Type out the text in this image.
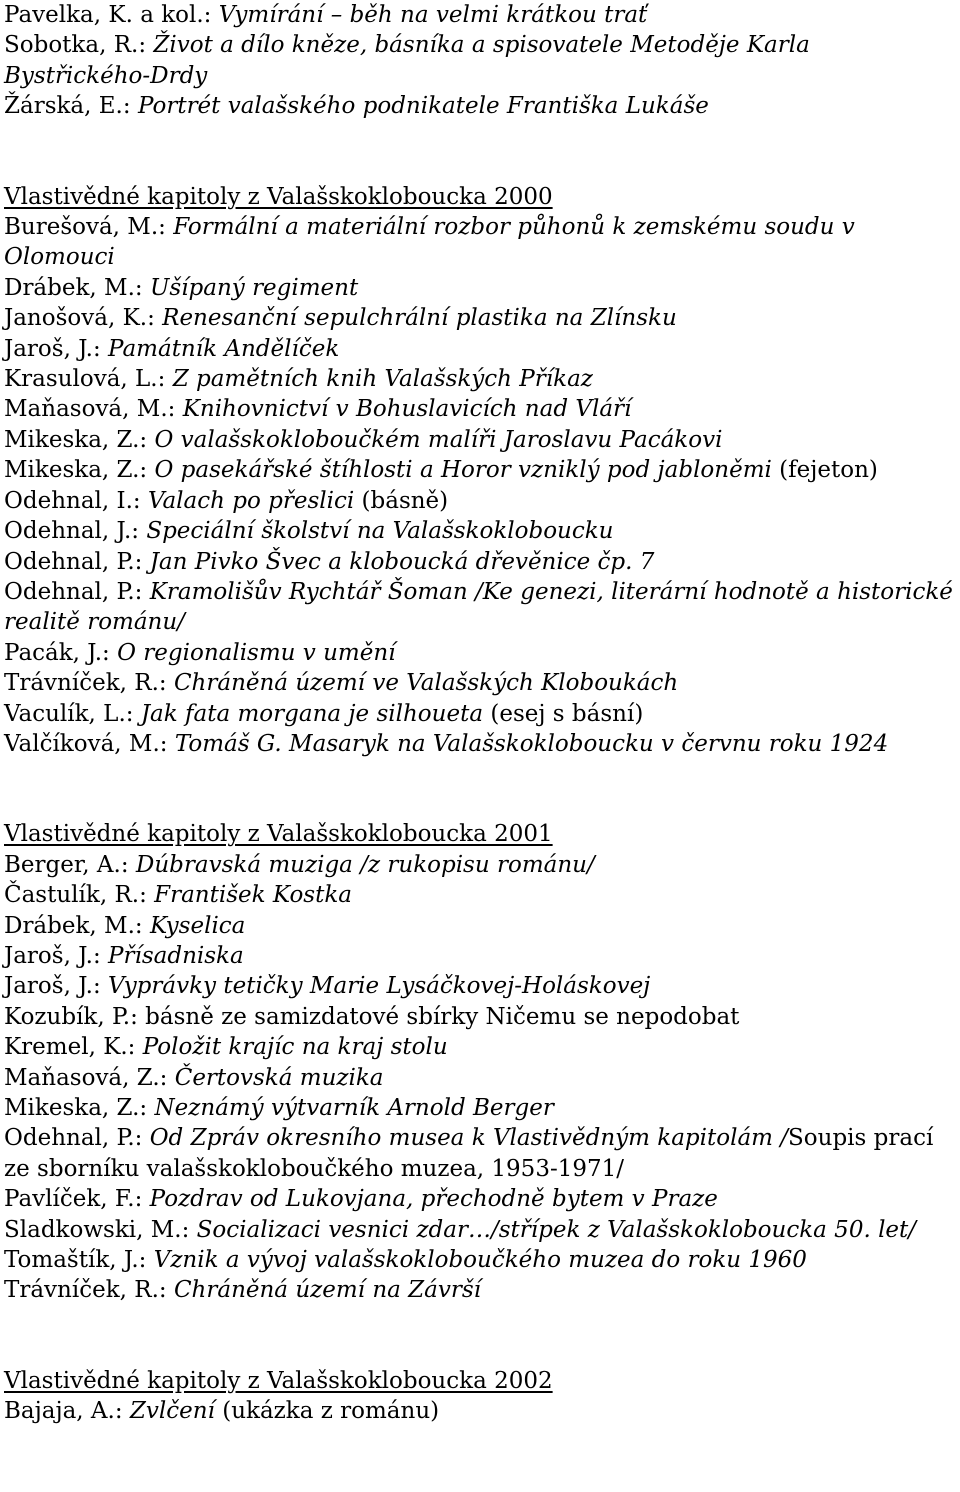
Pavelka, K. a kol.: Vymírání – běh na velmi krátkou trať

Sobotka, R.: Život a dílo kněze, básníka a spisovatele Metoděje Karla Bystřického-Drdy

Žárská, E.: Portrét valašského podnikatele Františka Lukáše

Vlastivědné kapitoly z Valašskokloboucka 2000

Burešová, M.: Formální a materiální rozbor půhonů k zemskému soudu v Olomouci

Drábek, M.: Ušípaný regiment

Janošová, K.: Renesanční sepulchrální plastika na Zlínsku

Jaroš, J.: Památník Andělíček

Krasulová, L.: Z pamětních knih Valašských Příkaz

Maňasová, M.: Knihovnictví v Bohuslavicích nad Vláří

Mikeska, Z.: O valašskokloboučkém malíři Jaroslavu Pacákovi

Mikeska, Z.: O pasekářské štíhlosti a Horor vzniklý pod jabloněmi (fejeton)

Odehnal, I.: Valach po přeslici (básně)

Odehnal, J.: Speciální školství na Valašskokloboucku

Odehnal, P.: Jan Pivko Švec a kloboucká dřevěnice čp. 7

Odehnal, P.: Kramolišův Rychtář Šoman /Ke genezi, literární hodnotě a historické realitě románu/

Pacák, J.: O regionalismu v umění

Trávníček, R.: Chráněná území ve Valašských Kloboukách

Vaculík, L.: Jak fata morgana je silhoueta (esej s básní)

Valčíková, M.: Tomáš G. Masaryk na Valašskokloboucku v červnu roku 1924

Vlastivědné kapitoly z Valašskokloboucka 2001

Berger, A.: Dúbravská muziga /z rukopisu románu/

Častulík, R.: František Kostka

Drábek, M.: Kyselica

Jaroš, J.: Přísadniska

Jaroš, J.: Vyprávky tetičky Marie Lysáčkovej-Holáskovej

Kozubík, P.: básně ze samizdatové sbírky Ničemu se nepodobat

Kremel, K.: Položit krajíc na kraj stolu

Maňasová, Z.: Čertovská muzika

Mikeska, Z.: Neznámý výtvarník Arnold Berger

Odehnal, P.: Od Zpráv okresního musea k Vlastivědným kapitolám /Soupis prací ze sborníku valašskokloboučkého muzea, 1953-1971/

Pavlíček, F.: Pozdrav od Lukovjana, přechodně bytem v Praze

Sladkowski, M.: Socializaci vesnici zdar…/střípek z Valašskokloboucka 50. let/

Tomaštík, J.: Vznik a vývoj valašskokloboučkého muzea do roku 1960

Trávníček, R.: Chráněná území na Závrší

Vlastivědné kapitoly z Valašskokloboucka 2002

Bajaja, A.: Zvlčení (ukázka z románu)
